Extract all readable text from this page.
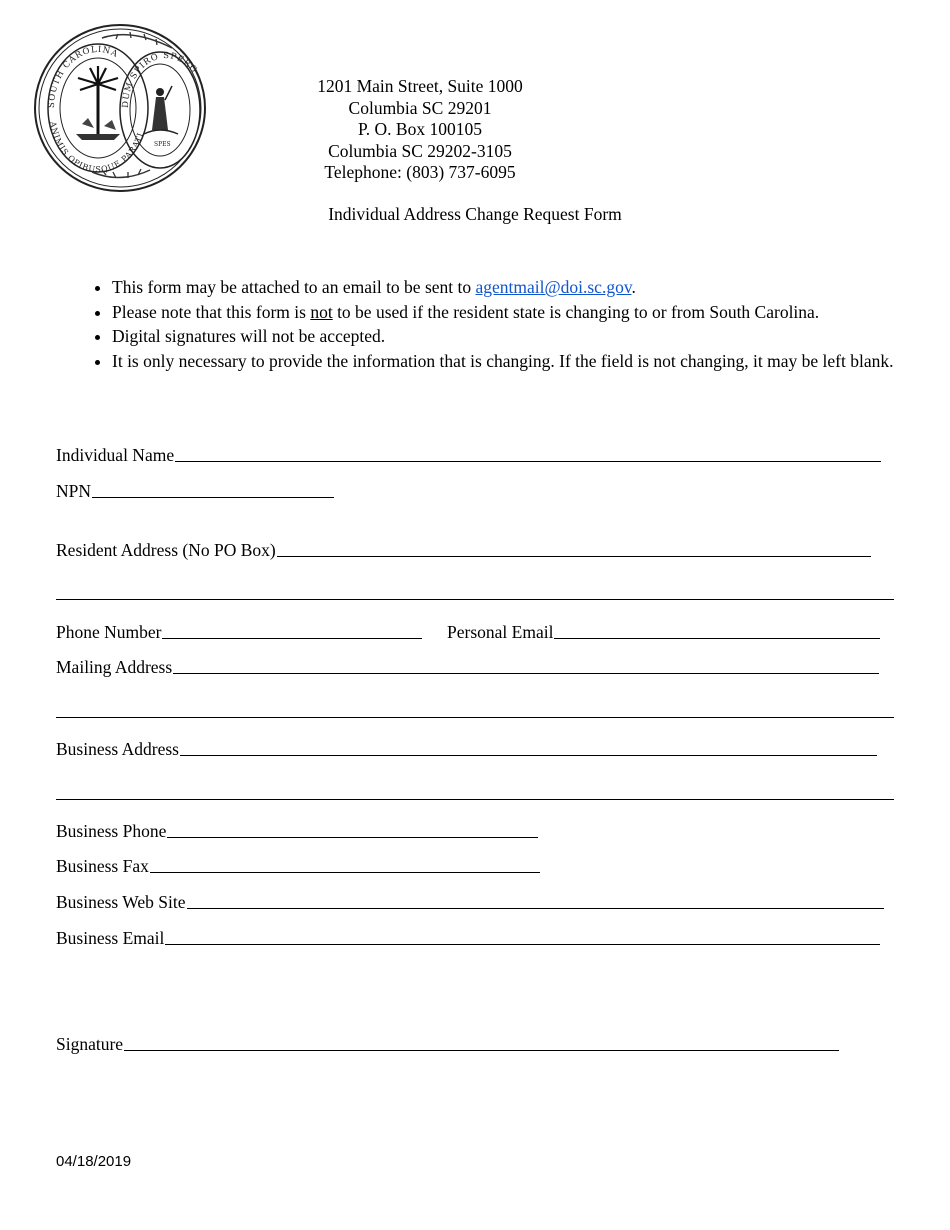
SOUTH CAROLINA
ANIMIS OPIBUSQUE PARATI
DUM SPIRO SPERO
SPES
1201 Main Street, Suite 1000
Columbia SC 29201
P. O. Box 100105
Columbia SC 29202-3105
Telephone: (803) 737-6095
Individual Address Change Request Form
• This form may be attached to an email to be sent to agentmail@doi.sc.gov.
• Please note that this form is not to be used if the resident state is changing to or from South Carolina.
• Digital signatures will not be accepted.
• It is only necessary to provide the information that is changing. If the field is not changing, it may be left blank.
Individual Name
NPN
Resident Address (No PO Box)
Phone Number	Personal Email
Mailing Address
Business Address
Business Phone
Business Fax
Business Web Site
Business Email
Signature
04/18/2019
